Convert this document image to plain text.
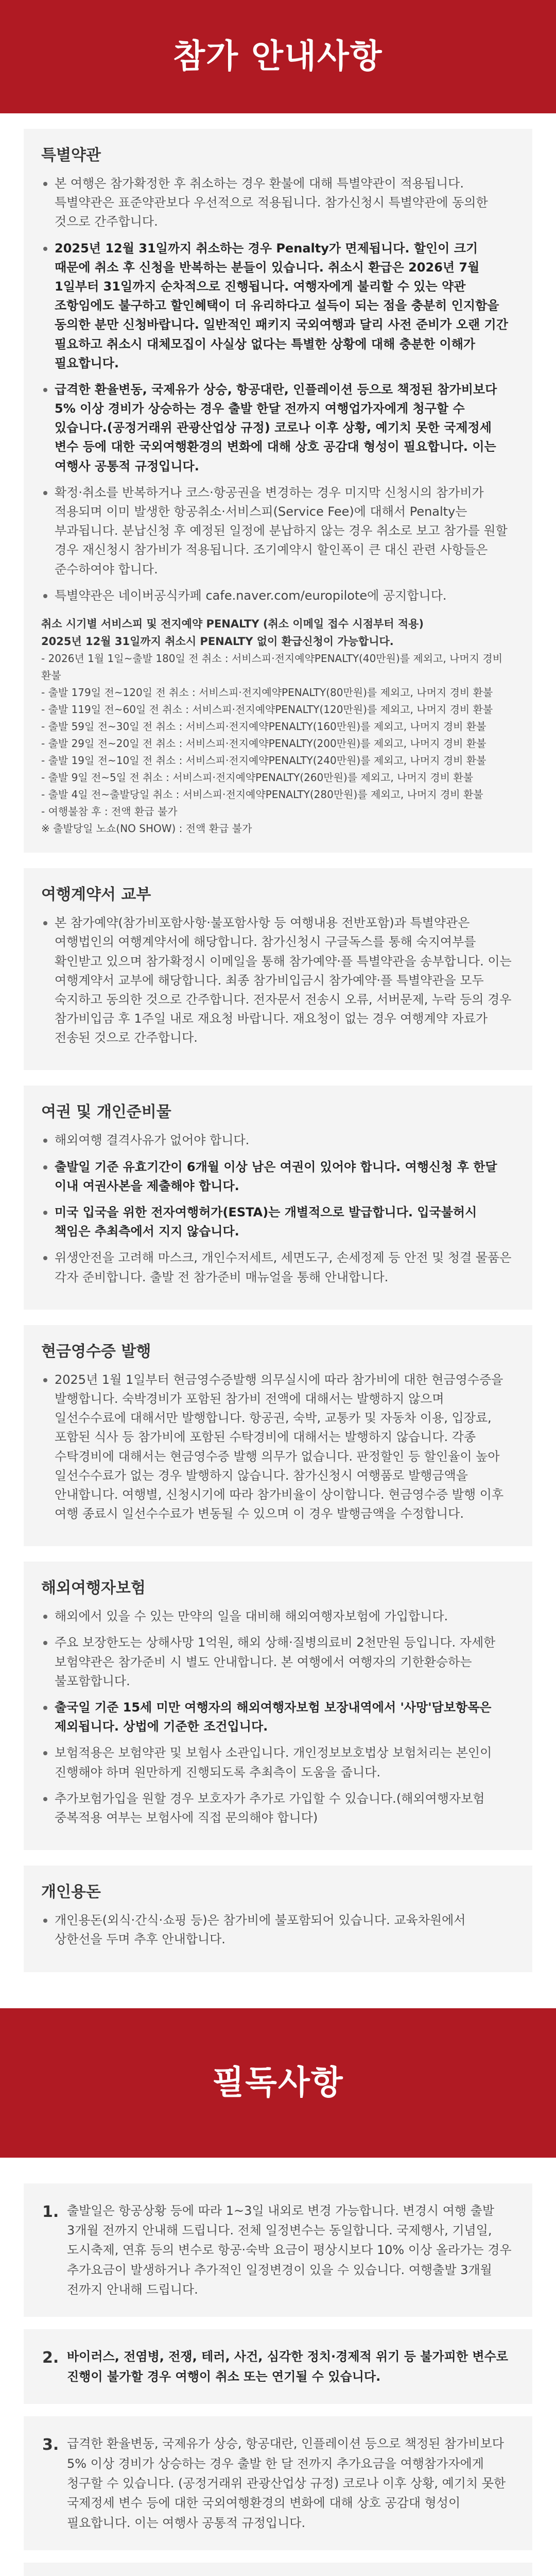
참가 안내사항
특별약관
본 여행은 참가확정한 후 취소하는 경우 환불에 대해 특별약관이 적용됩니다. 특별약관은 표준약관보다 우선적으로 적용됩니다. 참가신청시 특별약관에 동의한 것으로 간주합니다.
2025년 12월 31일까지 취소하는 경우 Penalty가 면제됩니다. 할인이 크기 때문에 취소 후 신청을 반복하는 분들이 있습니다. 취소시 환급은 2026년 7월 1일부터 31일까지 순차적으로 진행됩니다. 여행자에게 불리할 수 있는 약관 조항임에도 불구하고 할인혜택이 더 유리하다고 설득이 되는 점을 충분히 인지함을 동의한 분만 신청바랍니다. 일반적인 패키지 국외여행과 달리 사전 준비가 오랜 기간 필요하고 취소시 대체모집이 사실상 없다는 특별한 상황에 대해 충분한 이해가 필요합니다.
급격한 환율변동, 국제유가 상승, 항공대란, 인플레이션 등으로 책정된 참가비보다 5% 이상 경비가 상승하는 경우 출발 한달 전까지 여행업가자에게 청구할 수 있습니다.(공정거래위 관광산업상 규정) 코로나 이후 상황, 예기치 못한 국제정세 변수 등에 대한 국외여행환경의 변화에 대해 상호 공감대 형성이 필요합니다. 이는 여행사 공통적 규정입니다.
확정·취소를 반복하거나 코스·항공권을 변경하는 경우 미지막 신청시의 참가비가 적용되며 이미 발생한 항공취소·서비스피(Service Fee)에 대해서 Penalty는 부과됩니다. 분납신청 후 예정된 일정에 분납하지 않는 경우 취소로 보고 참가를 원할 경우 재신청시 참가비가 적용됩니다. 조기예약시 할인폭이 큰 대신 관련 사항들은 준수하여야 합니다.
특별약관은 네이버공식카페 cafe.naver.com/europilote에 공지합니다.
취소 시기별 서비스피 및 전지예약 PENALTY (취소 이메일 접수 시점부터 적용)
2025년 12월 31일까지 취소시 PENALTY 없이 환급신청이 가능합니다.
- 2026년 1월 1일~출발 180일 전 취소 : 서비스피·전지예약PENALTY(40만원)를 제외고, 나머지 경비 환불
- 출발 179일 전~120일 전 취소 : 서비스피·전지예약PENALTY(80만원)를 제외고, 나머지 경비 환불
- 출발 119일 전~60일 전 취소 : 서비스피·전지예약PENALTY(120만원)를 제외고, 나머지 경비 환불
- 출발 59일 전~30일 전 취소 : 서비스피·전지예약PENALTY(160만원)를 제외고, 나머지 경비 환불
- 출발 29일 전~20일 전 취소 : 서비스피·전지예약PENALTY(200만원)를 제외고, 나머지 경비 환불
- 출발 19일 전~10일 전 취소 : 서비스피·전지예약PENALTY(240만원)를 제외고, 나머지 경비 환불
- 출발 9일 전~5일 전 취소 : 서비스피·전지예약PENALTY(260만원)를 제외고, 나머지 경비 환불
- 출발 4일 전~출발당일 취소 : 서비스피·전지예약PENALTY(280만원)를 제외고, 나머지 경비 환불
- 여행불참 후 : 전액 환급 불가
※ 출발당일 노쇼(NO SHOW) : 전액 환급 불가
여행계약서 교부
본 참가예약(참가비포함사항·불포함사항 등 여행내용 전반포함)과 특별약관은 여행법인의 여행계약서에 해당합니다. 참가신청시 구글독스를 통해 숙지여부를 확인받고 있으며 참가확정시 이메일을 통해 참가예약·플 특별약관을 송부합니다. 이는 여행계약서 교부에 해당합니다. 최종 참가비입금시 참가예약·플 특별약관을 모두 숙지하고 동의한 것으로 간주합니다. 전자문서 전송시 오류, 서버문제, 누락 등의 경우 참가비입금 후 1주일 내로 재요청 바랍니다. 재요청이 없는 경우 여행계약 자료가 전송된 것으로 간주합니다.
여권 및 개인준비물
해외여행 결격사유가 없어야 합니다.
출발일 기준 유효기간이 6개월 이상 남은 여권이 있어야 합니다. 여행신청 후 한달 이내 여권사본을 제출해야 합니다.
미국 입국을 위한 전자여행허가(ESTA)는 개별적으로 발급합니다. 입국불허시 책임은 추최측에서 지지 않습니다.
위생안전을 고려해 마스크, 개인수저세트, 세면도구, 손세정제 등 안전 및 청결 물품은 각자 준비합니다. 출발 전 참가준비 매뉴얼을 통해 안내합니다.
현금영수증 발행
2025년 1월 1일부터 현금영수증발행 의무실시에 따라 참가비에 대한 현금영수증을 발행합니다. 숙박경비가 포함된 참가비 전액에 대해서는 발행하지 않으며 일선수수료에 대해서만 발행합니다. 항공권, 숙박, 교통카 및 자동차 이용, 입장료, 포함된 식사 등 참가비에 포함된 수탁경비에 대해서는 발행하지 않습니다. 각종 수탁경비에 대해서는 현금영수증 발행 의무가 없습니다. 판정할인 등 할인율이 높아 일선수수료가 없는 경우 발행하지 않습니다. 참가신청시 여행품로 발행금액을 안내합니다. 여행별, 신청시기에 따라 참가비율이 상이합니다. 현금영수증 발행 이후 여행 종료시 일선수수료가 변동될 수 있으며 이 경우 발행금액을 수정합니다.
해외여행자보험
해외에서 있을 수 있는 만약의 일을 대비해 해외여행자보험에 가입합니다.
주요 보장한도는 상해사망 1억원, 해외 상해·질병의료비 2천만원 등입니다. 자세한 보험약관은 참가준비 시 별도 안내합니다. 본 여행에서 여행자의 기한환승하는 불포함합니다.
출국일 기준 15세 미만 여행자의 해외여행자보험 보장내역에서 '사망'담보항목은 제외됩니다. 상법에 기준한 조건입니다.
보험적용은 보험약관 및 보험사 소관입니다. 개인정보보호법상 보험처리는 본인이 진행해야 하며 원만하게 진행되도록 추최측이 도움을 줍니다.
추가보험가입을 원할 경우 보호자가 추가로 가입할 수 있습니다.(해외여행자보험 중복적용 여부는 보험사에 직접 문의해야 합니다)
개인용돈
개인용돈(외식·간식·쇼핑 등)은 참가비에 불포함되어 있습니다. 교육차원에서 상한선을 두며 추후 안내합니다.
필독사항
1. 출발일은 항공상황 등에 따라 1~3일 내외로 변경 가능합니다. 변경시 여행 출발 3개월 전까지 안내해 드립니다. 전체 일정변수는 동일합니다. 국제행사, 기념일, 도시축제, 연휴 등의 변수로 항공·숙박 요금이 평상시보다 10% 이상 올라가는 경우 추가요금이 발생하거나 추가적인 일정변경이 있을 수 있습니다. 여행출발 3개월 전까지 안내해 드립니다.
2. 바이러스, 전염병, 전쟁, 테러, 사건, 심각한 정치·경제적 위기 등 불가피한 변수로 진행이 불가할 경우 여행이 취소 또는 연기될 수 있습니다.
3. 급격한 환율변동, 국제유가 상승, 항공대란, 인플레이션 등으로 책정된 참가비보다 5% 이상 경비가 상승하는 경우 출발 한 달 전까지 추가요금을 여행참가자에게 청구할 수 있습니다. (공정거래위 관광산업상 규정) 코로나 이후 상황, 예기치 못한 국제정세 변수 등에 대한 국외여행환경의 변화에 대해 상호 공감대 형성이 필요합니다. 이는 여행사 공통적 규정입니다.
